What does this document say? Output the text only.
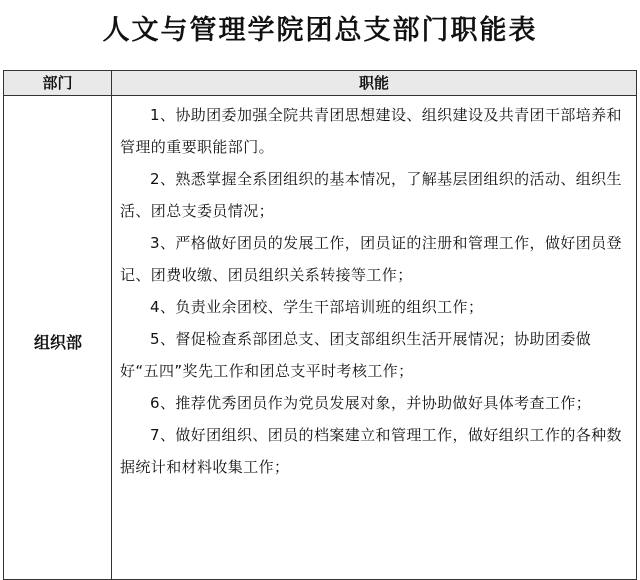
人文与管理学院团总支部门职能表
部门	职能
组织部

1、协助团委加强全院共青团思想建设、组织建设及共青团干部培养和管理的重要职能部门。

2、熟悉掌握全系团组织的基本情况，了解基层团组织的活动、组织生活、团总支委员情况；

3、严格做好团员的发展工作，团员证的注册和管理工作，做好团员登记、团费收缴、团员组织关系转接等工作；

4、负责业余团校、学生干部培训班的组织工作；

5、督促检查系部团总支、团支部组织生活开展情况；协助团委做好“五四”奖先工作和团总支平时考核工作；

6、推荐优秀团员作为党员发展对象，并协助做好具体考查工作；

7、做好团组织、团员的档案建立和管理工作，做好组织工作的各种数据统计和材料收集工作；
